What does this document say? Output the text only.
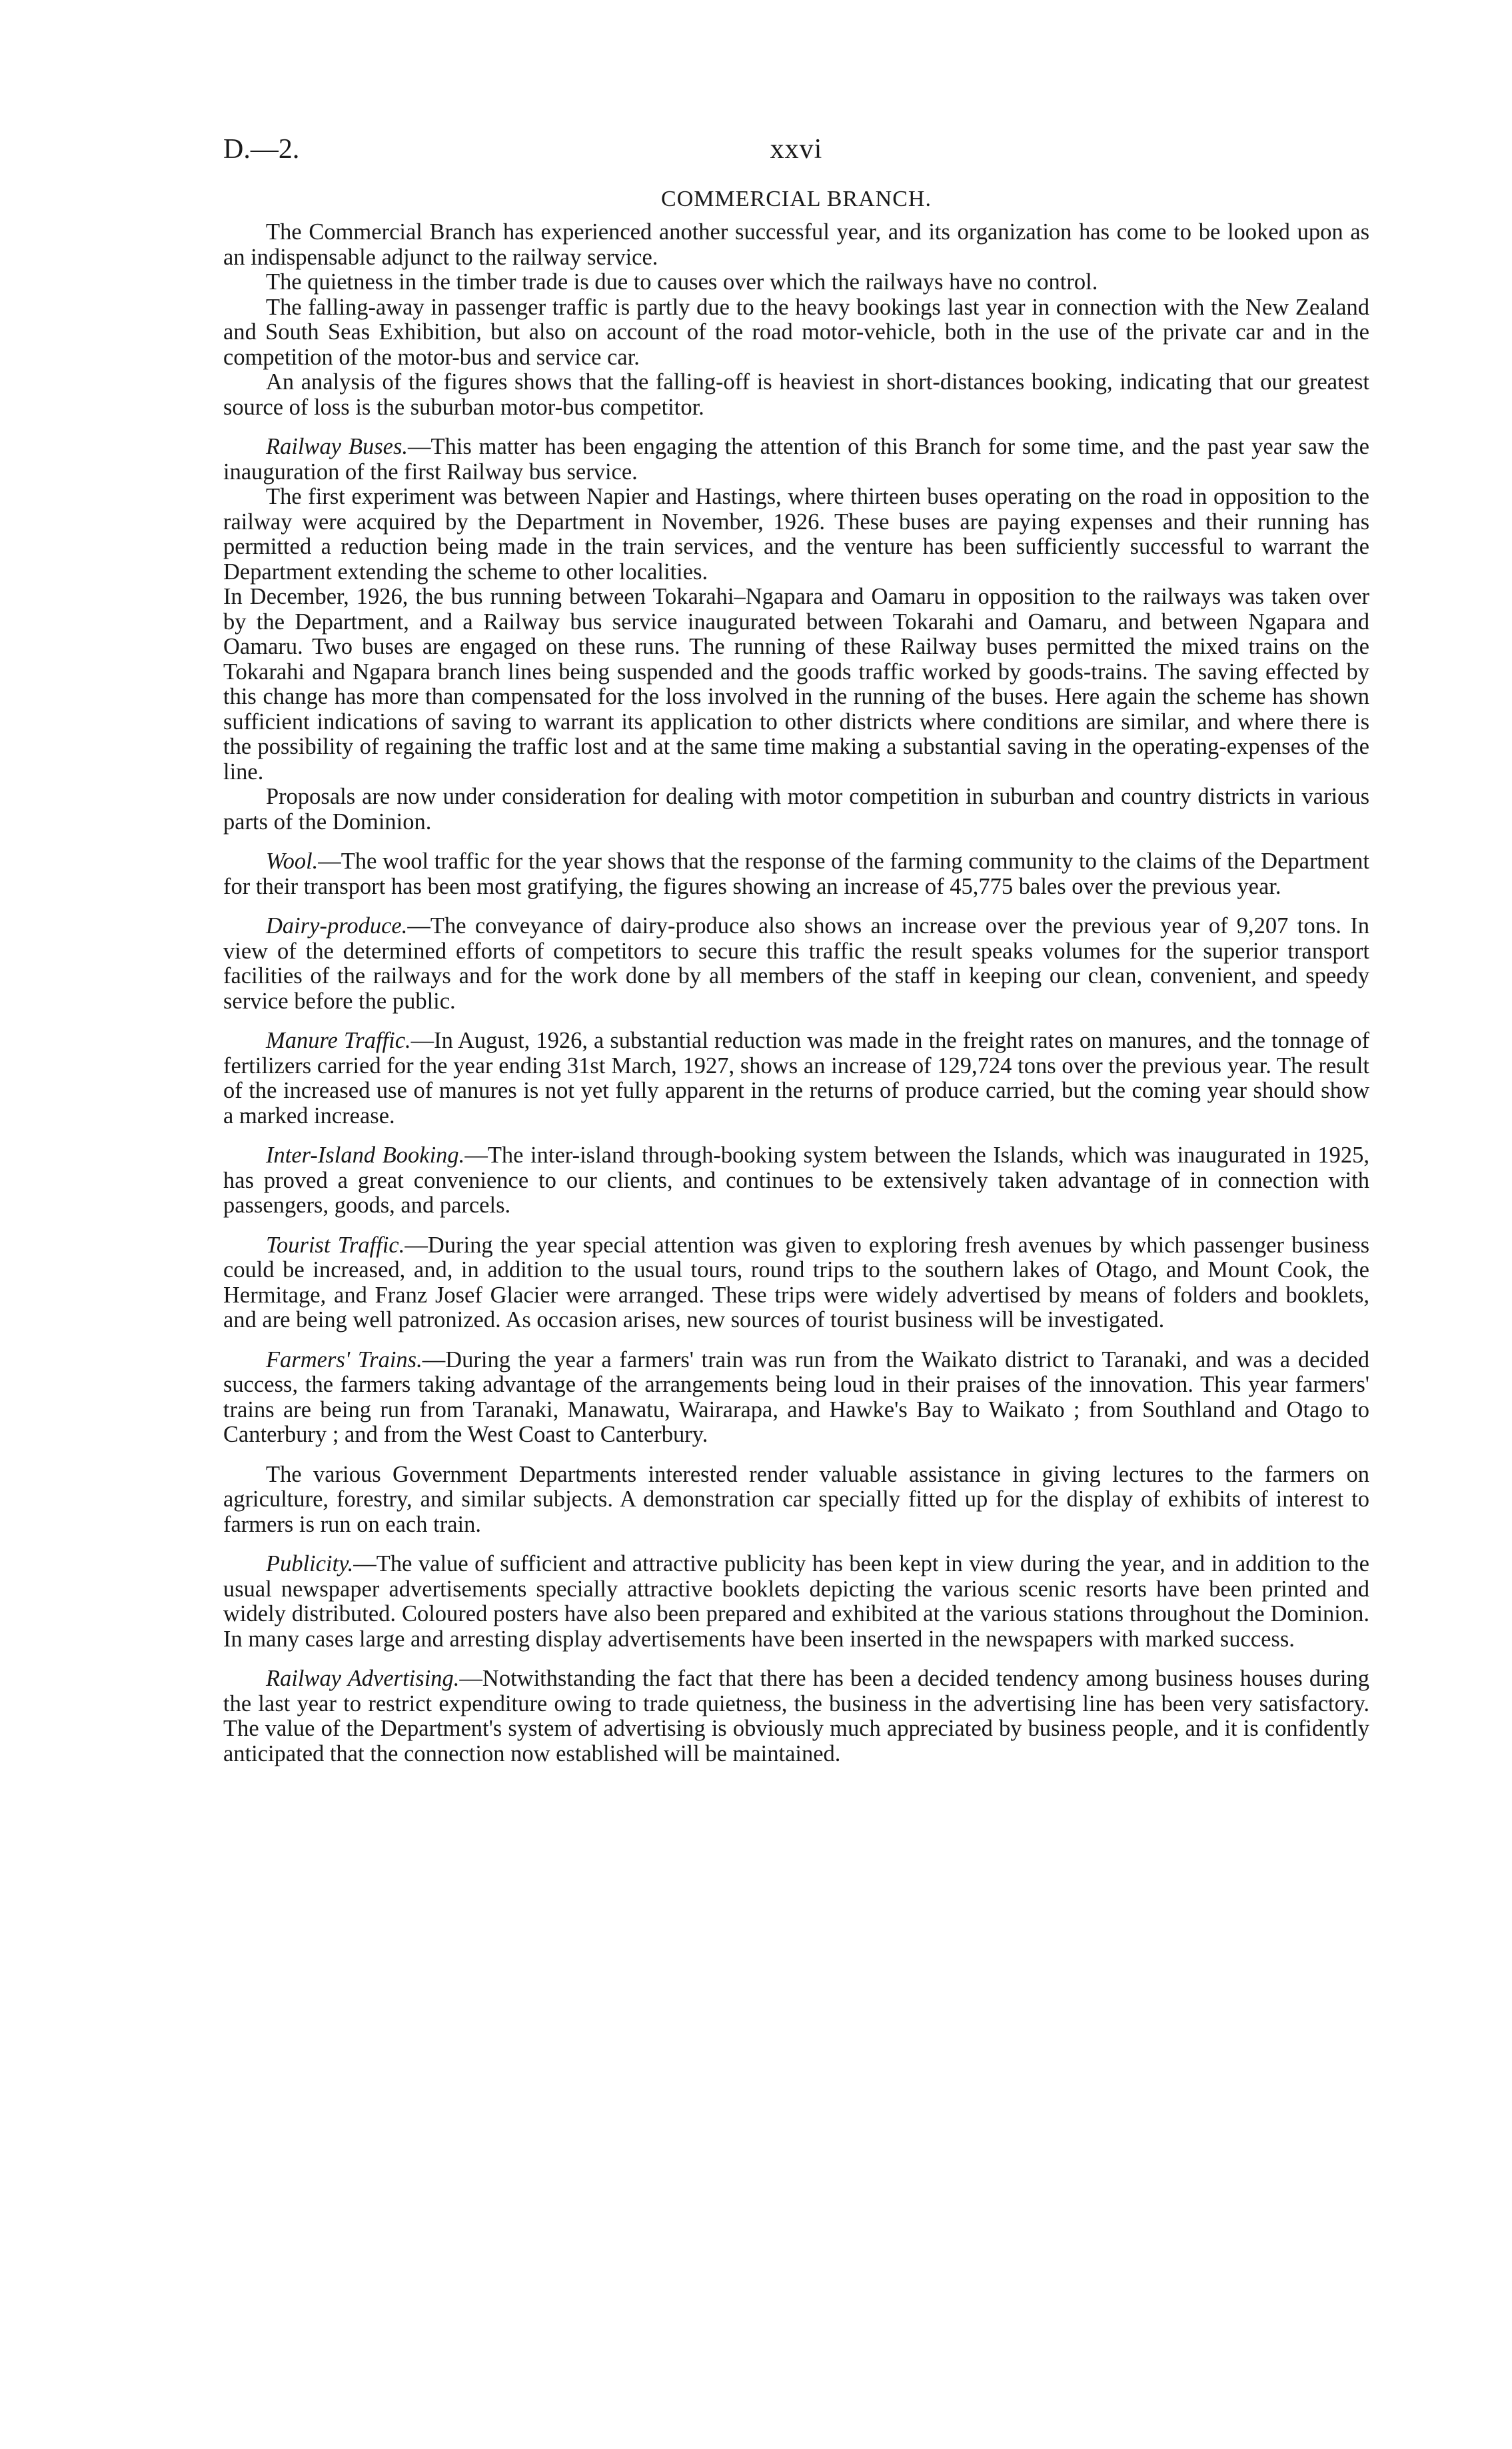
D.—2.	xxvi
COMMERCIAL BRANCH.

The Commercial Branch has experienced another successful year, and its organization has come to be looked upon as an indispensable adjunct to the railway service.

The quietness in the timber trade is due to causes over which the railways have no control.

The falling-away in passenger traffic is partly due to the heavy bookings last year in connection with the New Zealand and South Seas Exhibition, but also on account of the road motor-vehicle, both in the use of the private car and in the competition of the motor-bus and service car.

An analysis of the figures shows that the falling-off is heaviest in short-distances booking, indicating that our greatest source of loss is the suburban motor-bus competitor.

Railway Buses.—This matter has been engaging the attention of this Branch for some time, and the past year saw the inauguration of the first Railway bus service.

The first experiment was between Napier and Hastings, where thirteen buses operating on the road in opposition to the railway were acquired by the Department in November, 1926. These buses are paying expenses and their running has permitted a reduction being made in the train services, and the venture has been sufficiently successful to warrant the Department extending the scheme to other localities.

In December, 1926, the bus running between Tokarahi–Ngapara and Oamaru in opposition to the railways was taken over by the Department, and a Railway bus service inaugurated between Tokarahi and Oamaru, and between Ngapara and Oamaru. Two buses are engaged on these runs. The running of these Railway buses permitted the mixed trains on the Tokarahi and Ngapara branch lines being suspended and the goods traffic worked by goods-trains. The saving effected by this change has more than compensated for the loss involved in the running of the buses. Here again the scheme has shown sufficient indications of saving to warrant its application to other districts where conditions are similar, and where there is the possibility of regaining the traffic lost and at the same time making a substantial saving in the operating-expenses of the line.

Proposals are now under consideration for dealing with motor competition in suburban and country districts in various parts of the Dominion.

Wool.—The wool traffic for the year shows that the response of the farming community to the claims of the Department for their transport has been most gratifying, the figures showing an increase of 45,775 bales over the previous year.

Dairy-produce.—The conveyance of dairy-produce also shows an increase over the previous year of 9,207 tons. In view of the determined efforts of competitors to secure this traffic the result speaks volumes for the superior transport facilities of the railways and for the work done by all members of the staff in keeping our clean, convenient, and speedy service before the public.

Manure Traffic.—In August, 1926, a substantial reduction was made in the freight rates on manures, and the tonnage of fertilizers carried for the year ending 31st March, 1927, shows an increase of 129,724 tons over the previous year. The result of the increased use of manures is not yet fully apparent in the returns of produce carried, but the coming year should show a marked increase.

Inter-Island Booking.—The inter-island through-booking system between the Islands, which was inaugurated in 1925, has proved a great convenience to our clients, and continues to be extensively taken advantage of in connection with passengers, goods, and parcels.

Tourist Traffic.—During the year special attention was given to exploring fresh avenues by which passenger business could be increased, and, in addition to the usual tours, round trips to the southern lakes of Otago, and Mount Cook, the Hermitage, and Franz Josef Glacier were arranged. These trips were widely advertised by means of folders and booklets, and are being well patronized. As occasion arises, new sources of tourist business will be investigated.

Farmers' Trains.—During the year a farmers' train was run from the Waikato district to Taranaki, and was a decided success, the farmers taking advantage of the arrangements being loud in their praises of the innovation. This year farmers' trains are being run from Taranaki, Manawatu, Wairarapa, and Hawke's Bay to Waikato ; from Southland and Otago to Canterbury ; and from the West Coast to Canterbury.

The various Government Departments interested render valuable assistance in giving lectures to the farmers on agriculture, forestry, and similar subjects. A demonstration car specially fitted up for the display of exhibits of interest to farmers is run on each train.

Publicity.—The value of sufficient and attractive publicity has been kept in view during the year, and in addition to the usual newspaper advertisements specially attractive booklets depicting the various scenic resorts have been printed and widely distributed. Coloured posters have also been prepared and exhibited at the various stations throughout the Dominion. In many cases large and arresting display advertisements have been inserted in the newspapers with marked success.

Railway Advertising.—Notwithstanding the fact that there has been a decided tendency among business houses during the last year to restrict expenditure owing to trade quietness, the business in the advertising line has been very satisfactory. The value of the Department's system of advertising is obviously much appreciated by business people, and it is confidently anticipated that the connection now established will be maintained.
